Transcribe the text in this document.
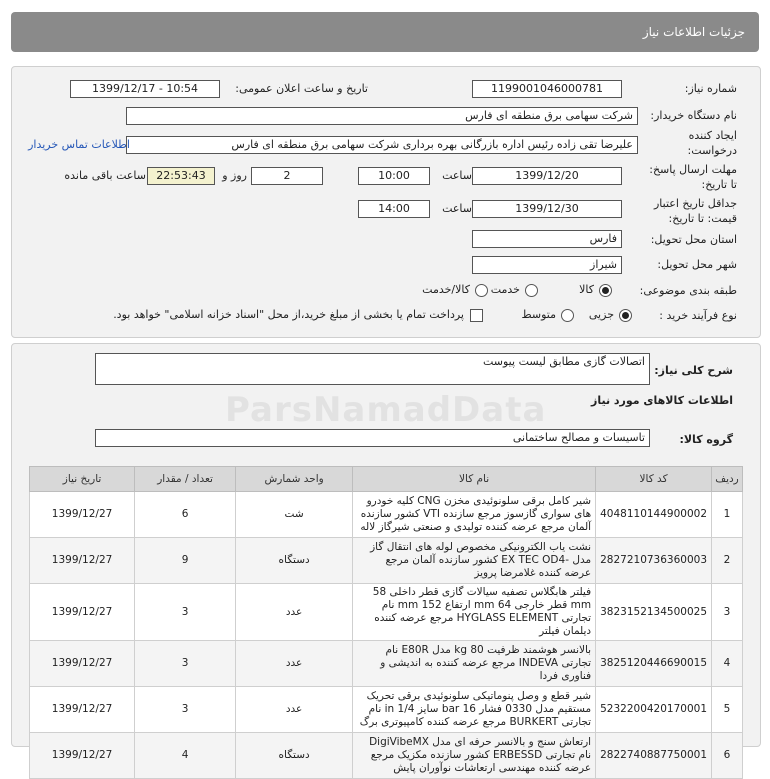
جزئیات اطلاعات نیاز
شماره نیاز:
1199001046000781
تاریخ و ساعت اعلان عمومی:
1399/12/17 - 10:54
نام دستگاه خریدار:
شرکت سهامی برق منطقه ای فارس
ایجاد کننده
درخواست:
علیرضا تقی زاده رئیس اداره بازرگانی بهره برداری شرکت سهامی برق منطقه ای فارس
اطلاعات تماس خریدار
مهلت ارسال پاسخ:
تا تاریخ:
1399/12/20
ساعت
10:00
2
روز و
22:53:43
ساعت باقی مانده
جداقل تاریخ اعتبار
قیمت: تا تاریخ:
1399/12/30
ساعت
14:00
استان محل تحویل:
فارس
شهر محل تحویل:
شیراز
طبقه بندی موضوعی:
کالا
خدمت
کالا/خدمت
نوع فرآیند خرید :
جزیی
متوسط
پرداخت تمام یا بخشی از مبلغ خرید،از محل "اسناد خزانه اسلامی" خواهد بود.
شرح کلی نیاز:
اتصالات گازی مطابق لیست پیوست
اطلاعات کالاهای مورد نیاز
گروه کالا:
تاسیسات و مصالح ساختمانی
ردیف	کد کالا	نام کالا	واحد شمارش	تعداد / مقدار	تاریخ نیاز
1	4048110144900002	شیر کامل برقی سلونوئیدی مخزن CNG کلیه خودرو های سواری گازسوز مرجع سازنده VTI کشور سازنده آلمان مرجع عرضه کننده تولیدی و صنعتی شیرگاز لاله	شت	6	1399/12/27
2	2827210736360003	نشت یاب الکترونیکی مخصوص لوله های انتقال گاز مدل -EX TEC OD4 کشور سازنده آلمان مرجع عرضه کننده غلامرضا پرویز	دستگاه	9	1399/12/27
3	3823152134500025	فیلتر هابگلاس تصفیه سیالات گازی قطر داخلی 58 mm قطر خارجی 64 mm ارتفاع 152 mm نام تجارتی HYGLASS ELEMENT مرجع عرضه کننده دیلمان فیلتر	عدد	3	1399/12/27
4	3825120446690015	بالانسر هوشمند ظرفیت 80 kg مدل E80R نام تجارتی INDEVA مرجع عرضه کننده به اندیشی و فناوری فردا	عدد	3	1399/12/27
5	5232200420170001	شیر قطع و وصل پنوماتیکی سلونوئیدی برقی تحریک مستقیم مدل 0330 فشار 16 bar سایز 1/4 in نام تجارتی BURKERT مرجع عرضه کننده کامپیوتری برگ	عدد	3	1399/12/27
6	2822740887750001	ارتعاش سنج و بالانسر حرفه ای مدل DigiVibeMX نام تجارتی ERBESSD کشور سازنده مکزیک مرجع عرضه کننده مهندسی ارتعاشات نوآوران پایش	دستگاه	4	1399/12/27
ParsNamadData
